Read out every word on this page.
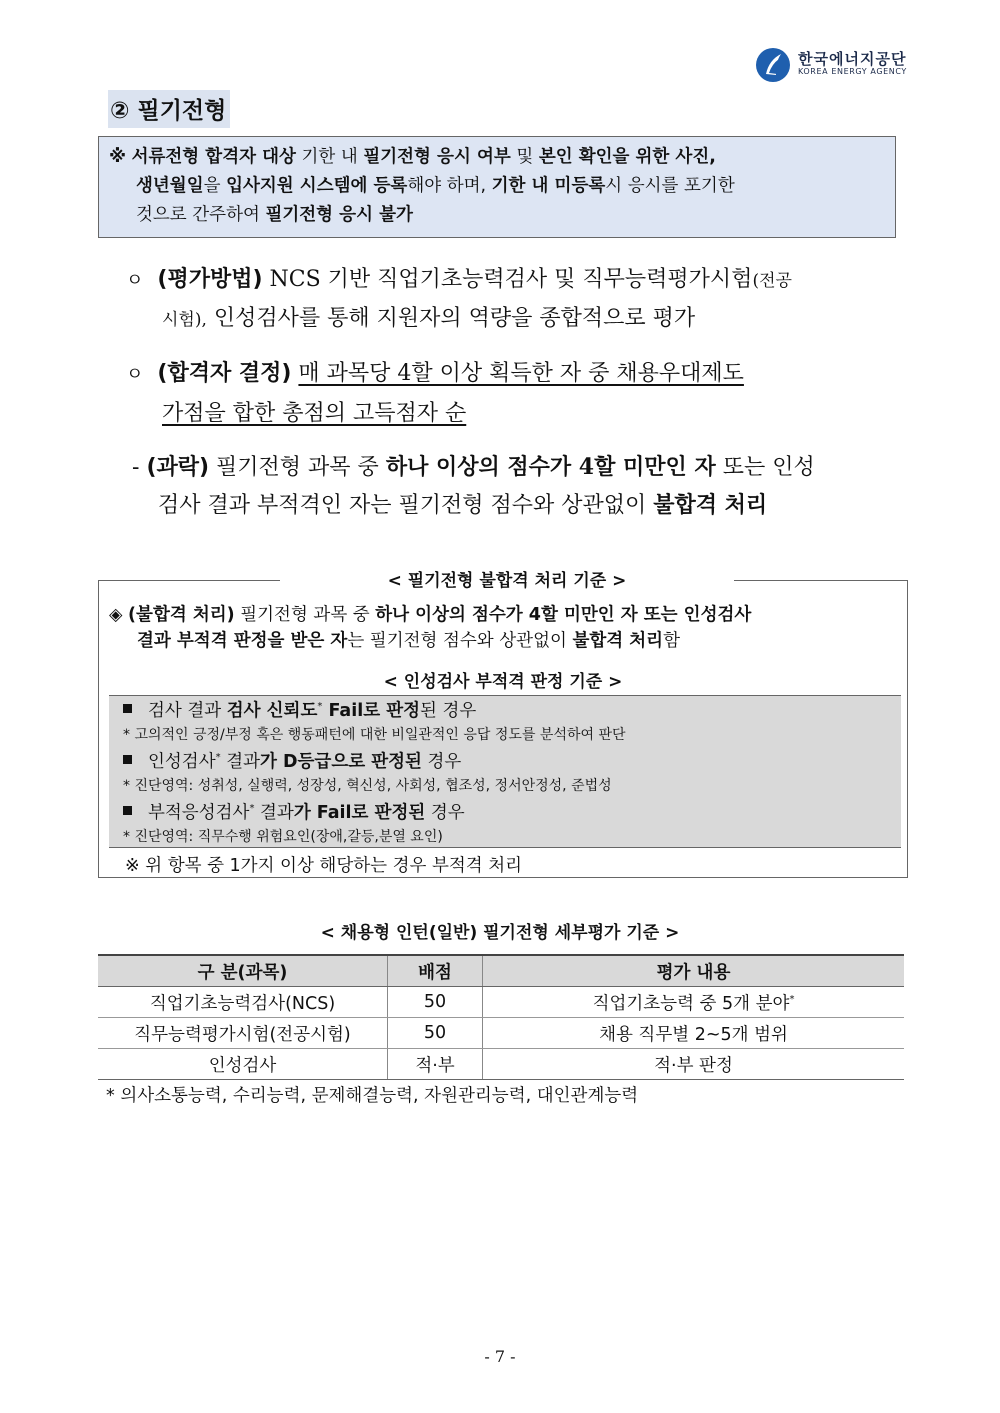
한국에너지공단
KOREA ENERGY AGENCY
② 필기전형

※ 서류전형 합격자 대상 기한 내 필기전형 응시 여부 및 본인 확인을 위한 사진,
생년월일을 입사지원 시스템에 등록해야 하며, 기한 내 미등록시 응시를 포기한
것으로 간주하여 필기전형 응시 불가

ㅇ (평가방법) NCS 기반 직업기초능력검사 및 직무능력평가시험(전공
시험), 인성검사를 통해 지원자의 역량을 종합적으로 평가
ㅇ (합격자 결정) 매 과목당 4할 이상 획득한 자 중 채용우대제도
가점을 합한 총점의 고득점자 순
- (과락) 필기전형 과목 중 하나 이상의 점수가 4할 미만인 자 또는 인성
검사 결과 부적격인 자는 필기전형 점수와 상관없이 불합격 처리
◈ (불합격 처리) 필기전형 과목 중 하나 이상의 점수가 4할 미만인 자 또는 인성검사
결과 부적격 판정을 받은 자는 필기전형 점수와 상관없이 불합격 처리함
< 인성검사 부적격 판정 기준 >
검사 결과 검사 신뢰도* Fail로 판정된 경우
* 고의적인 긍정/부정 혹은 행동패턴에 대한 비일관적인 응답 정도를 분석하여 판단
인성검사* 결과가 D등급으로 판정된 경우
* 진단영역: 성취성, 실행력, 성장성, 혁신성, 사회성, 협조성, 정서안정성, 준법성
부적응성검사* 결과가 Fail로 판정된 경우
* 진단영역: 직무수행 위험요인(장애,갈등,분열 요인)
※ 위 항목 중 1가지 이상 해당하는 경우 부적격 처리
< 필기전형 불합격 처리 기준 >
< 채용형 인턴(일반) 필기전형 세부평가 기준 >
구 분(과목)	배점	평가 내용
직업기초능력검사(NCS)	50	직업기초능력 중 5개 분야*
직무능력평가시험(전공시험)	50	채용 직무별 2~5개 범위
인성검사	적·부	적·부 판정
* 의사소통능력, 수리능력, 문제해결능력, 자원관리능력, 대인관계능력
- 7 -
